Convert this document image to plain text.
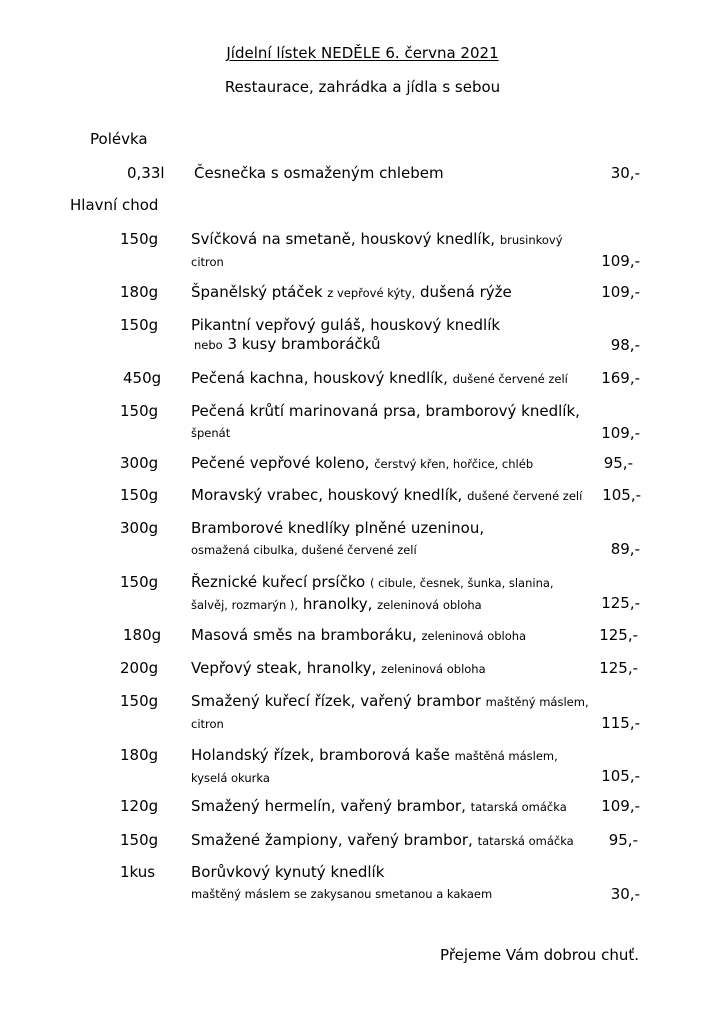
Jídelní lístek NEDĚLE 6. června 2021
Restaurace, zahrádka a jídla s sebou
Polévka
0,33l Česnečka s osmaženým chlebem	30,-
Hlavní chod
150g Svíčková na smetaně, houskový knedlík, brusinkový
citron	109,-
180g Španělský ptáček z vepřové kýty, dušená rýže	109,-
150g Pikantní vepřový guláš, houskový knedlík
nebo 3 kusy bramboráčků	98,-
450g Pečená kachna, houskový knedlík, dušené červené zelí	169,-
150g Pečená krůtí marinovaná prsa, bramborový knedlík,
špenát	109,-
300g Pečené vepřové koleno, čerstvý křen, hořčice, chléb	95,-
150g Moravský vrabec, houskový knedlík, dušené červené zelí	105,-
300g Bramborové knedlíky plněné uzeninou,
osmažená cibulka, dušené červené zelí	89,-
150g Řeznické kuřecí prsíčko ( cibule, česnek, šunka, slanina,
šalvěj, rozmarýn ), hranolky, zeleninová obloha	125,-
180g Masová směs na bramboráku, zeleninová obloha	125,-
200g Vepřový steak, hranolky, zeleninová obloha	125,-
150g Smažený kuřecí řízek, vařený brambor maštěný máslem,
citron	115,-
180g Holandský řízek, bramborová kaše maštěná máslem,
kyselá okurka	105,-
120g Smažený hermelín, vařený brambor, tatarská omáčka	109,-
150g Smažené žampiony, vařený brambor, tatarská omáčka	95,-
1kus Borůvkový kynutý knedlík
maštěný máslem se zakysanou smetanou a kakaem	30,-
Přejeme Vám dobrou chuť.
